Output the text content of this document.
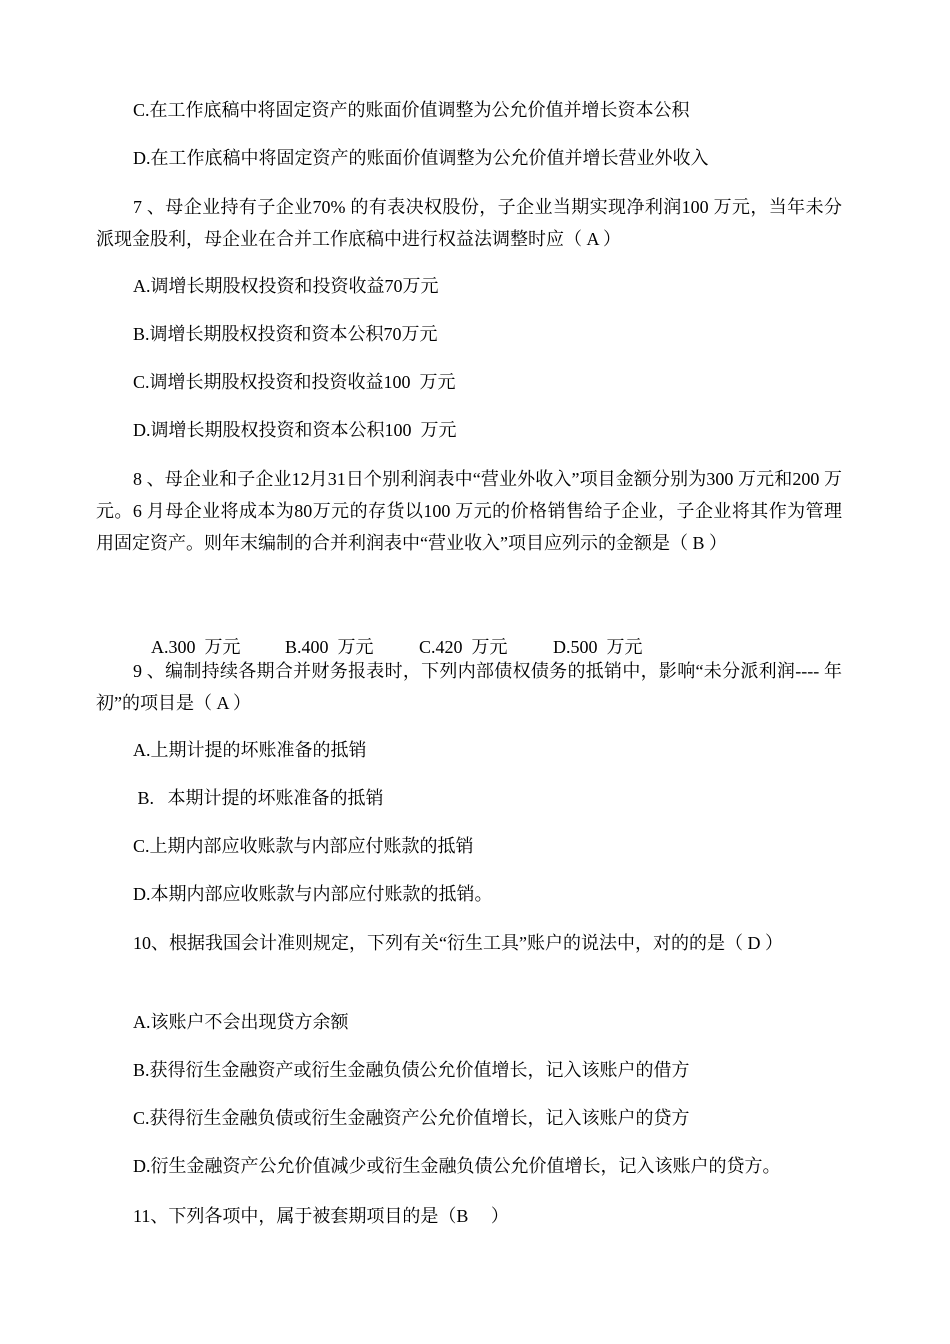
C.在工作底稿中将固定资产的账面价值调整为公允价值并增长资本公积
D.在工作底稿中将固定资产的账面价值调整为公允价值并增长营业外收入
7 、母企业持有子企业70% 的有表决权股份，子企业当期实现净利润100 万元，当年未分派现金股利，母企业在合并工作底稿中进行权益法调整时应（ A ）
A.调增长期股权投资和投资收益70万元
B.调增长期股权投资和资本公积70万元
C.调增长期股权投资和投资收益100  万元
D.调增长期股权投资和资本公积100  万元
8 、母企业和子企业12月31日个别利润表中“营业外收入”项目金额分别为300 万元和200 万元。6 月母企业将成本为80万元的存货以100 万元的价格销售给子企业，子企业将其作为管理用固定资产。则年末编制的合并利润表中“营业收入”项目应列示的金额是（ B ）

A.300  万元 B.400  万元	C.420  万元	D.500  万元

9 、编制持续各期合并财务报表时，下列内部债权债务的抵销中，影响“未分派利润---- 年初”的项目是（ A ）
A.上期计提的坏账准备的抵销
B.   本期计提的坏账准备的抵销
C.上期内部应收账款与内部应付账款的抵销
D.本期内部应收账款与内部应付账款的抵销。
10、根据我国会计准则规定，下列有关“衍生工具”账户的说法中，对的的是（ D ）
A.该账户不会出现贷方余额
B.获得衍生金融资产或衍生金融负债公允价值增长，记入该账户的借方
C.获得衍生金融负债或衍生金融资产公允价值增长，记入该账户的贷方
D.衍生金融资产公允价值减少或衍生金融负债公允价值增长，记入该账户的贷方。
11、下列各项中，属于被套期项目的是（B     ）
